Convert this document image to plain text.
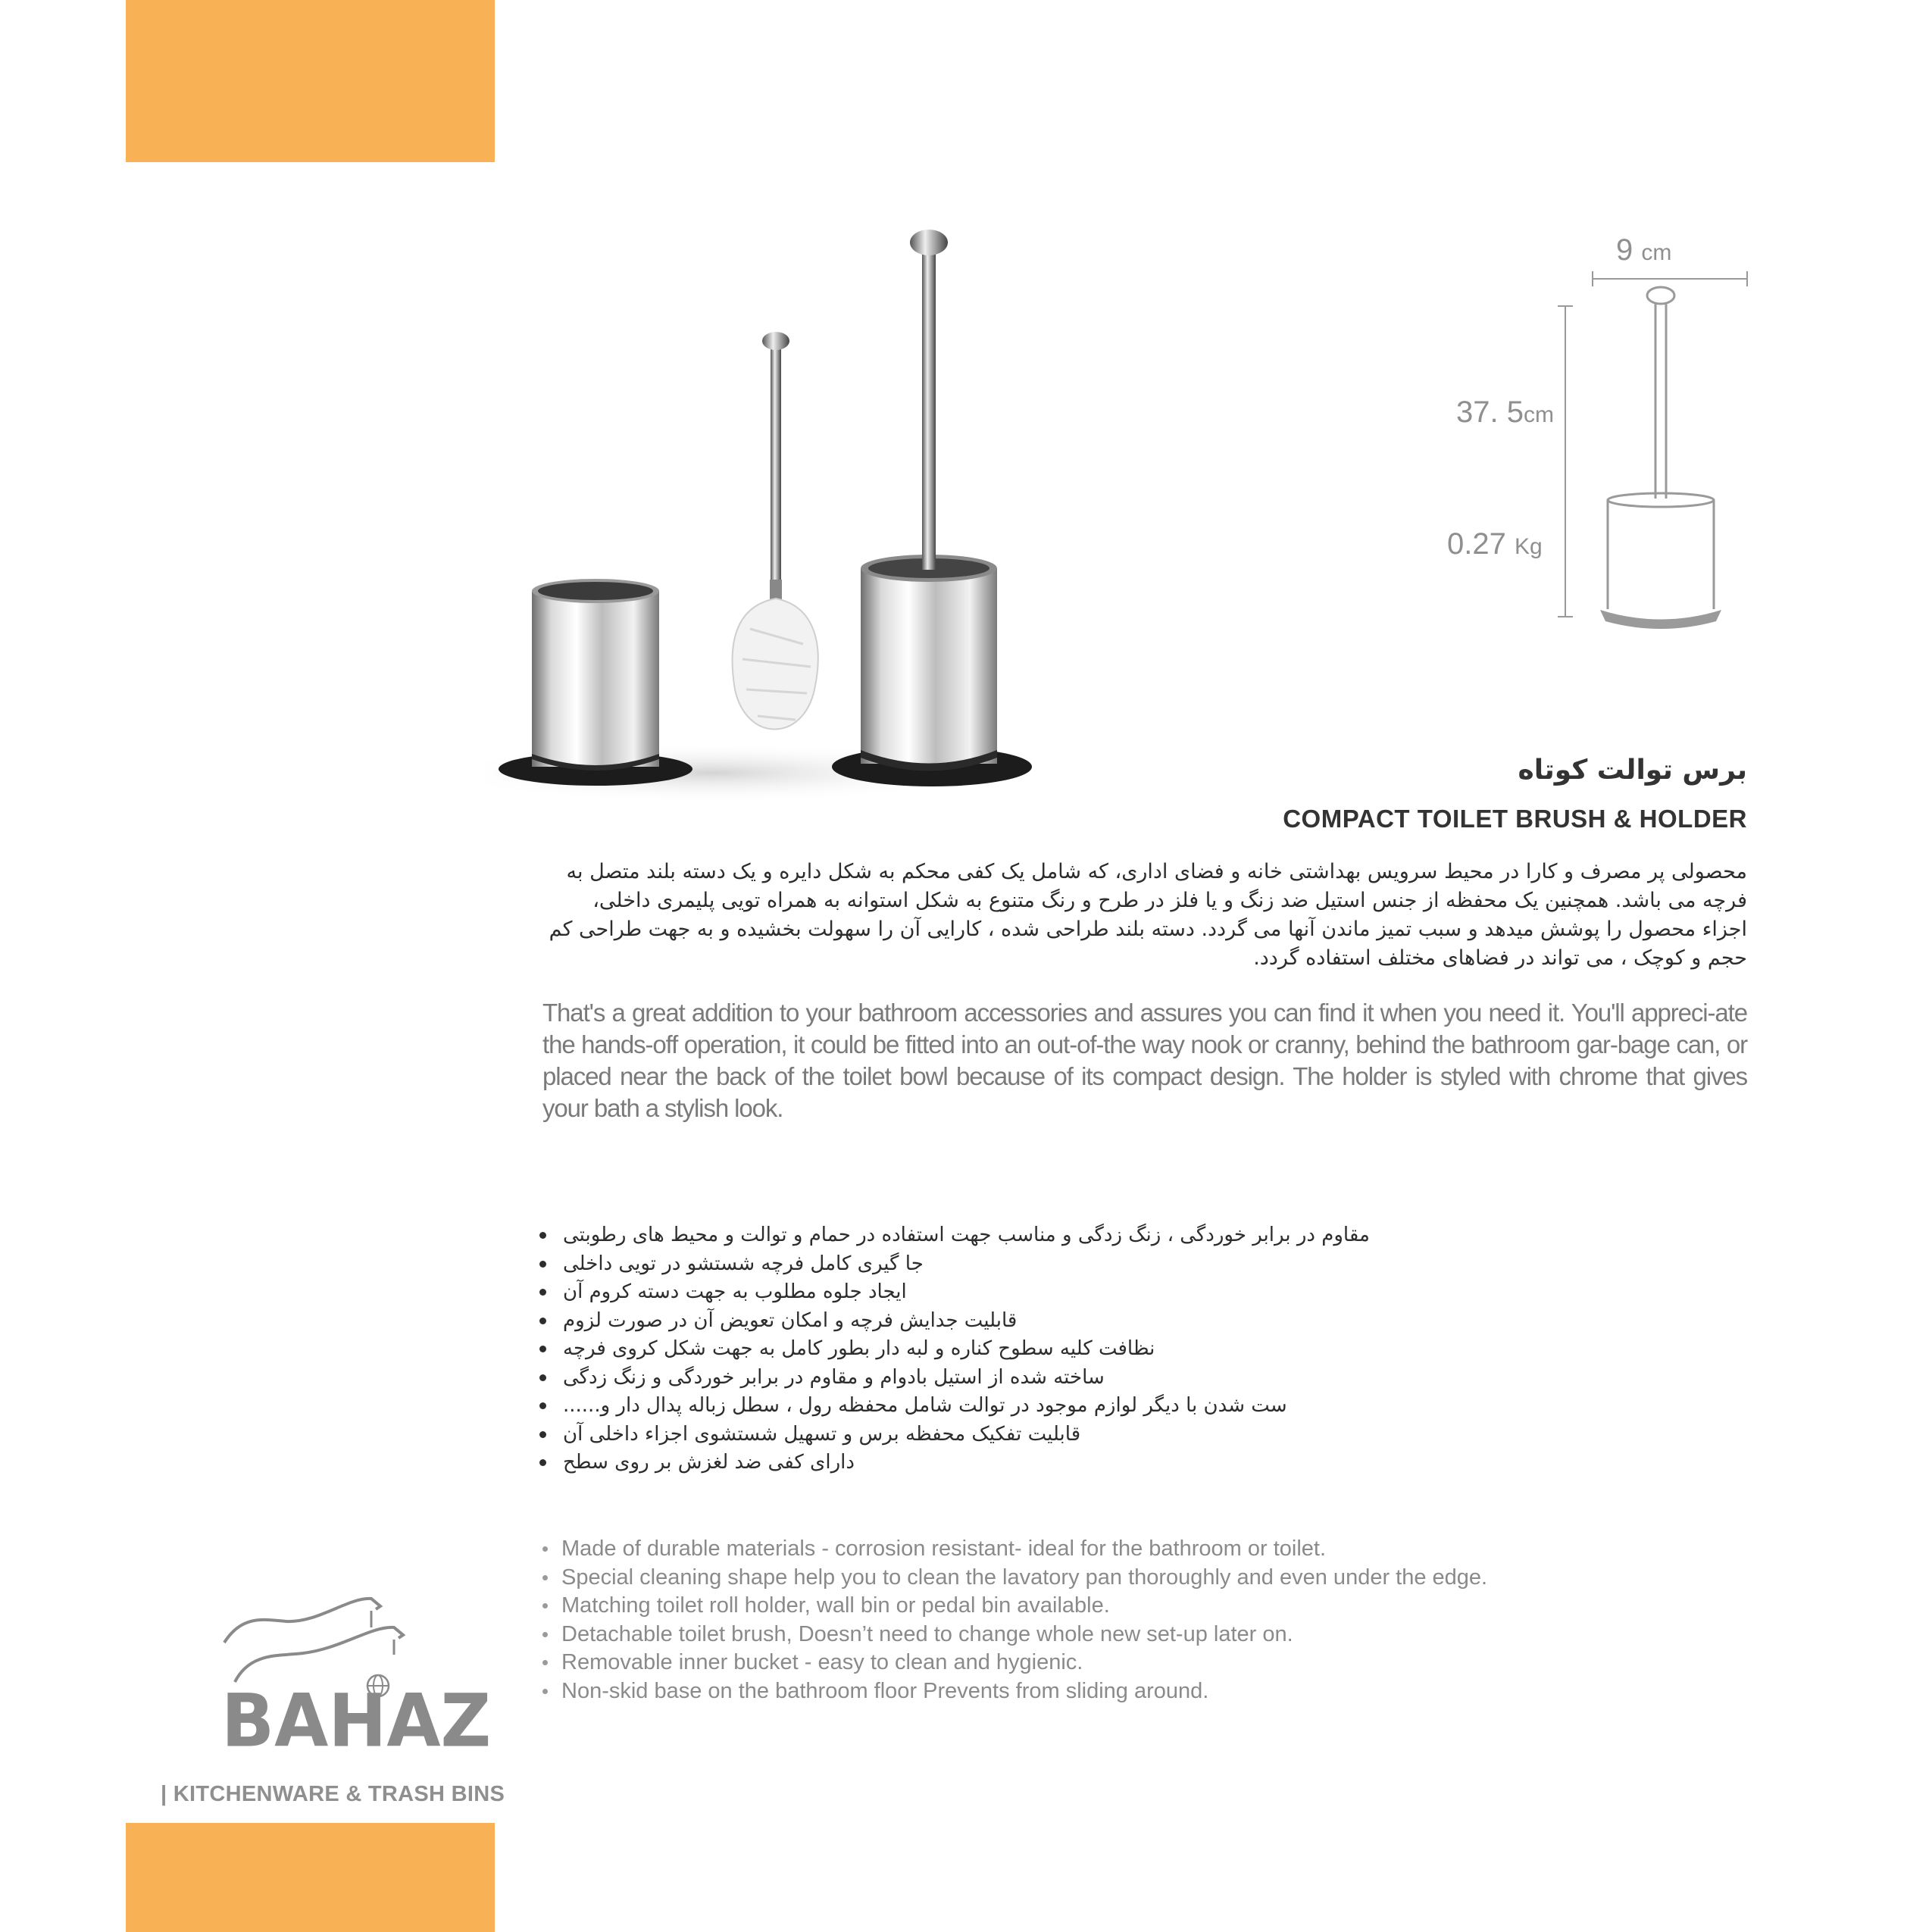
9 cm
37. 5cm
0.27 Kg
برس توالت کوتاه
COMPACT TOILET BRUSH & HOLDER

محصولی پر مصرف و کارا در محیط سرویس بهداشتی خانه و فضای اداری، که شامل یک کفی محکم به شکل دایره و یک دسته بلند متصل به فرچه می باشد. همچنین یک محفظه از جنس استیل ضد زنگ و یا فلز در طرح و رنگ متنوع به شکل استوانه به همراه تویی پلیمری داخلی، اجزاء محصول را پوشش میدهد و سبب تمیز ماندن آنها می گردد. دسته بلند طراحی شده ، کارایی آن را سهولت بخشیده و به جهت طراحی کم حجم و کوچک ، می تواند در فضاهای مختلف استفاده گردد.

That's a great addition to your bathroom accessories and assures you can find it when you need it. You'll appreci-ate the hands-off operation, it could be fitted into an out-of-the way nook or cranny, behind the bathroom gar-bage can, or placed near the back of the toilet bowl because of its compact design. The holder is styled with chrome that gives your bath a stylish look.

مقاوم در برابر خوردگی ، زنگ زدگی و مناسب جهت استفاده در حمام و توالت و محیط های رطوبتی
جا گیری کامل فرچه شستشو در تویی داخلی
ایجاد جلوه مطلوب به جهت دسته کروم آن
قابلیت جدایش فرچه و امکان تعویض آن در صورت لزوم
نظافت کلیه سطوح کناره و لبه دار بطور کامل به جهت شکل کروی فرچه
ساخته شده از استیل بادوام و مقاوم در برابر خوردگی و زنگ زدگی
ست شدن با دیگر لوازم موجود در توالت شامل محفظه رول ، سطل زباله پدال دار و......
قابلیت تفکیک محفظه برس و تسهیل شستشوی اجزاء داخلی آن
دارای کفی ضد لغزش بر روی سطح
Made of durable materials - corrosion resistant- ideal for the bathroom or toilet.
Special cleaning shape help you to clean the lavatory pan thoroughly and even under the edge.
Matching toilet roll holder, wall bin or pedal bin available.
Detachable toilet brush, Doesn’t need to change whole new set-up later on.
Removable inner bucket - easy to clean and hygienic.
Non-skid base on the bathroom floor Prevents from sliding around.
BAHAZ
| KITCHENWARE & TRASH BINS
